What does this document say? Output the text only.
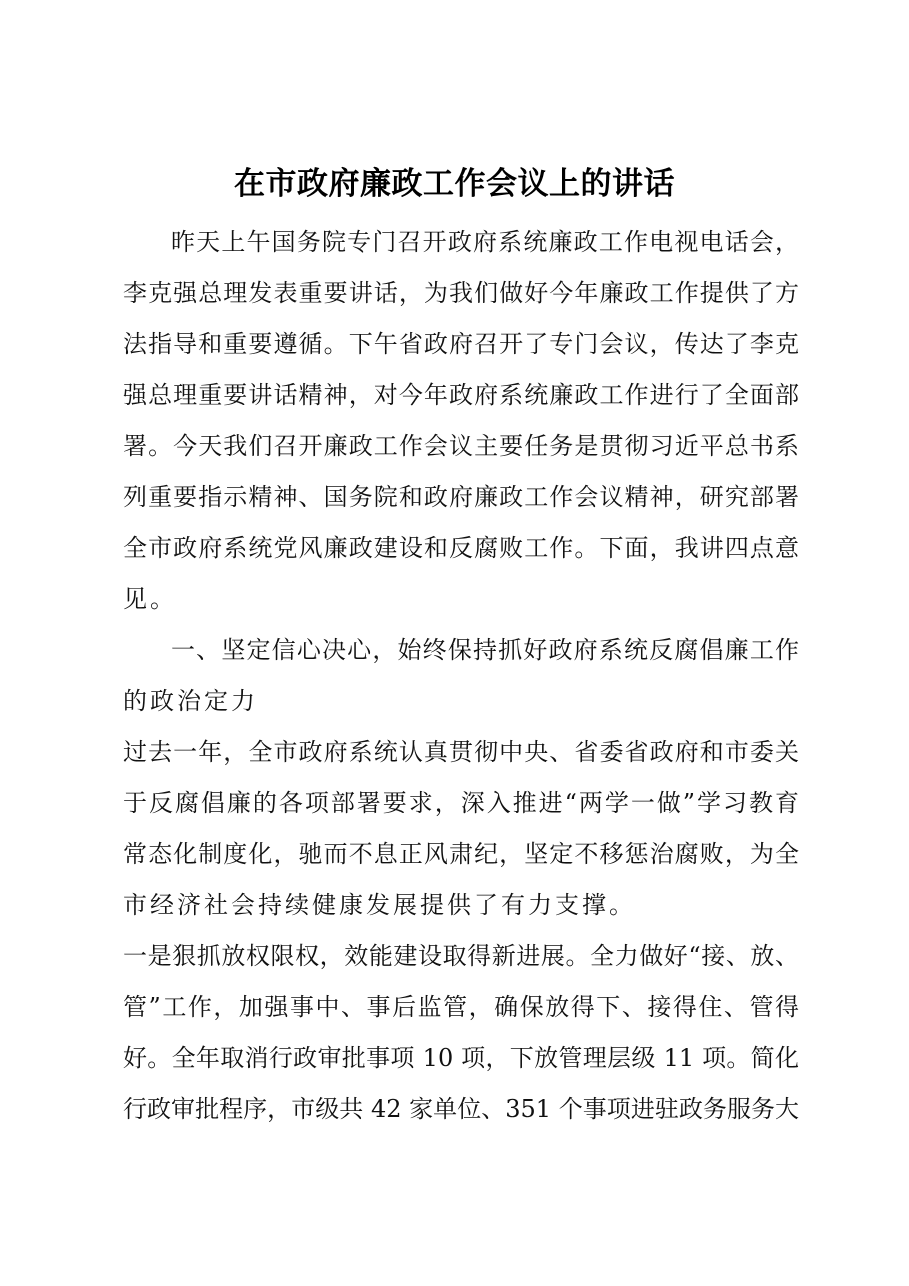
在市政府廉政工作会议上的讲话
昨天上午国务院专门召开政府系统廉政工作电视电话会，
李克强总理发表重要讲话，为我们做好今年廉政工作提供了方
法指导和重要遵循。下午省政府召开了专门会议，传达了李克
强总理重要讲话精神，对今年政府系统廉政工作进行了全面部
署。今天我们召开廉政工作会议主要任务是贯彻习近平总书系
列重要指示精神、国务院和政府廉政工作会议精神，研究部署
全市政府系统党风廉政建设和反腐败工作。下面，我讲四点意
见。
一、坚定信心决心，始终保持抓好政府系统反腐倡廉工作
的政治定力
过去一年，全市政府系统认真贯彻中央、省委省政府和市委关
于反腐倡廉的各项部署要求，深入推进“两学一做”学习教育
常态化制度化，驰而不息正风肃纪，坚定不移惩治腐败，为全
市经济社会持续健康发展提供了有力支撑。
一是狠抓放权限权，效能建设取得新进展。全力做好“接、放、
管”工作，加强事中、事后监管，确保放得下、接得住、管得
好。全年取消行政审批事项 10 项，下放管理层级 11 项。简化
行政审批程序，市级共 42 家单位、351 个事项进驻政务服务大
